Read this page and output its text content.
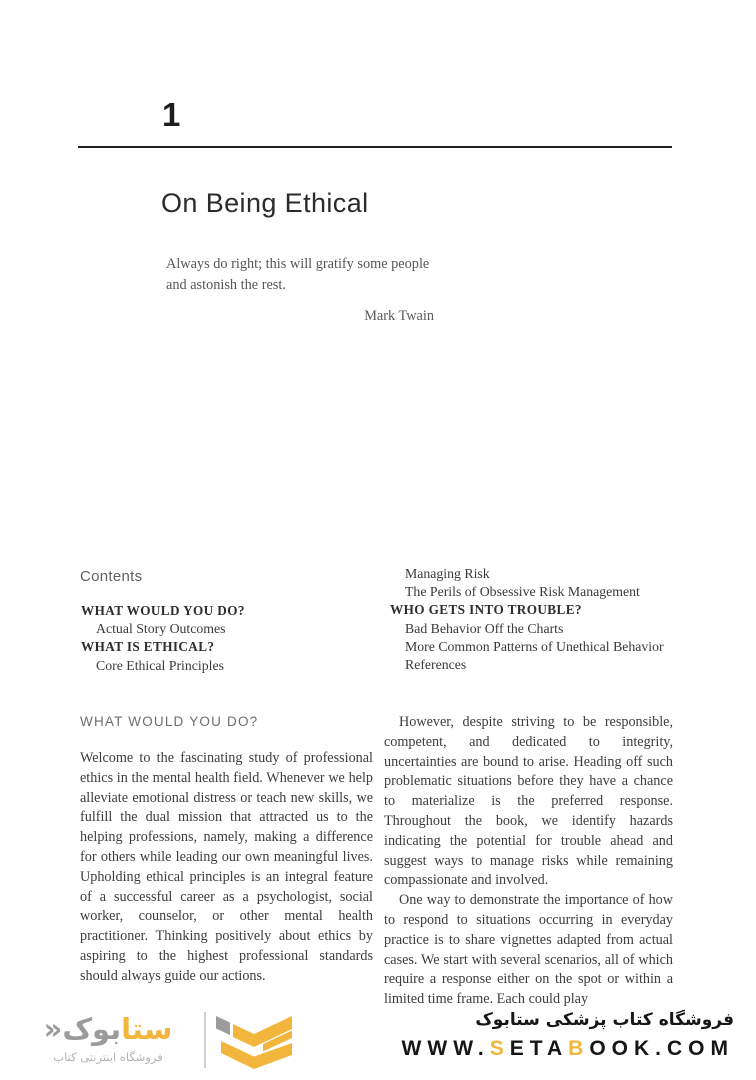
1
On Being Ethical
Always do right; this will gratify some people and astonish the rest.
Mark Twain
Contents
WHAT WOULD YOU DO?
Actual Story Outcomes
WHAT IS ETHICAL?
Core Ethical Principles
Managing Risk
The Perils of Obsessive Risk Management
WHO GETS INTO TROUBLE?
Bad Behavior Off the Charts
More Common Patterns of Unethical Behavior
References
WHAT WOULD YOU DO?

Welcome to the fascinating study of professional ethics in the mental health field. Whenever we help alleviate emotional distress or teach new skills, we fulfill the dual mission that attracted us to the helping professions, namely, making a difference for others while leading our own meaningful lives. Upholding ethical principles is an integral feature of a successful career as a psychologist, social worker, counselor, or other mental health practitioner. Thinking positively about ethics by aspiring to the highest professional standards should always guide our actions.

However, despite striving to be responsible, competent, and dedicated to integrity, uncertainties are bound to arise. Heading off such problematic situations before they have a chance to materialize is the preferred response. Throughout the book, we identify hazards indicating the potential for trouble ahead and suggest ways to manage risks while remaining compassionate and involved.

One way to demonstrate the importance of how to respond to situations occurring in everyday practice is to share vignettes adapted from actual cases. We start with several scenarios, all of which require a response either on the spot or within a limited time frame. Each could play

ستابوک«
فروشگاه اینترنتی کتاب
فروشگاه کتاب پزشکی ستابوک
WWW.SETABOOK.COM
